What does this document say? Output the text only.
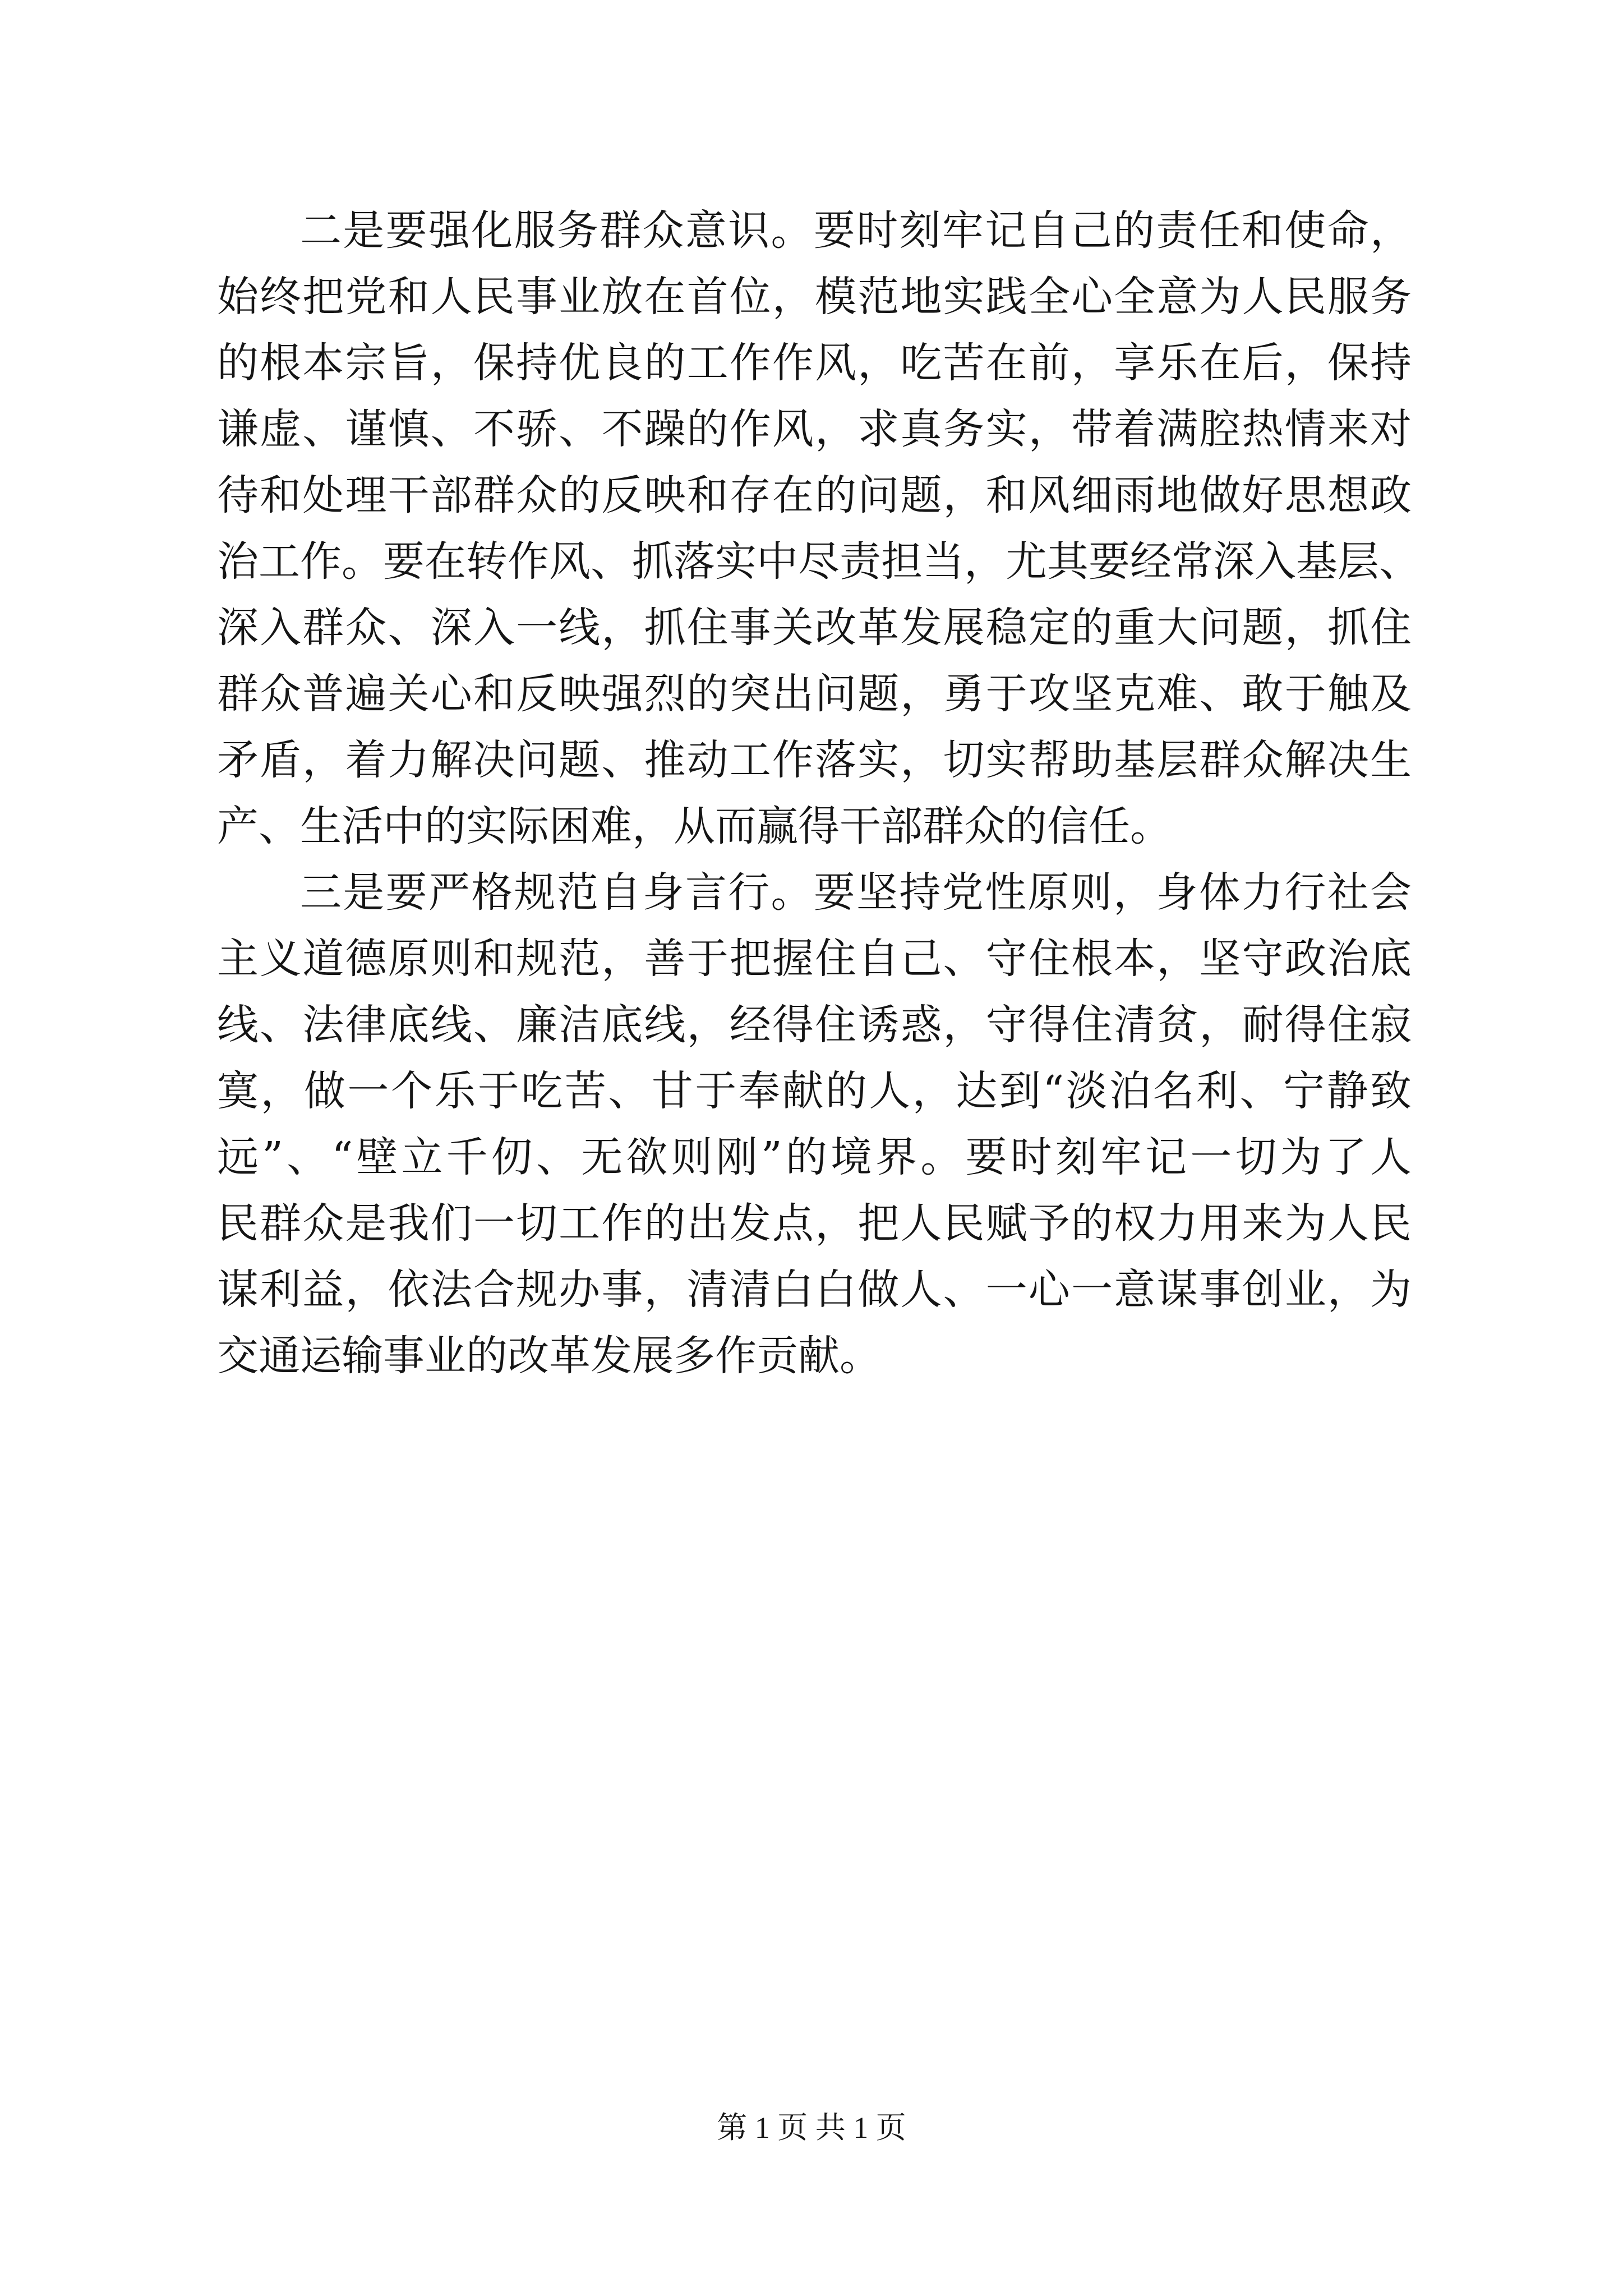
二是要强化服务群众意识。要时刻牢记自己的责任和使命，

始终把党和人民事业放在首位，模范地实践全心全意为人民服务

的根本宗旨，保持优良的工作作风，吃苦在前，享乐在后，保持

谦虚、谨慎、不骄、不躁的作风，求真务实，带着满腔热情来对

待和处理干部群众的反映和存在的问题，和风细雨地做好思想政

治工作。要在转作风、抓落实中尽责担当，尤其要经常深入基层、

深入群众、深入一线，抓住事关改革发展稳定的重大问题，抓住

群众普遍关心和反映强烈的突出问题，勇于攻坚克难、敢于触及

矛盾，着力解决问题、推动工作落实，切实帮助基层群众解决生

产、生活中的实际困难，从而赢得干部群众的信任。

三是要严格规范自身言行。要坚持党性原则，身体力行社会

主义道德原则和规范，善于把握住自己、守住根本，坚守政治底

线、法律底线、廉洁底线，经得住诱惑，守得住清贫，耐得住寂

寞，做一个乐于吃苦、甘于奉献的人，达到“淡泊名利、宁静致

远”、“壁立千仞、无欲则刚”的境界。要时刻牢记一切为了人

民群众是我们一切工作的出发点，把人民赋予的权力用来为人民

谋利益，依法合规办事，清清白白做人、一心一意谋事创业，为

交通运输事业的改革发展多作贡献。

第 1 页 共 1 页
